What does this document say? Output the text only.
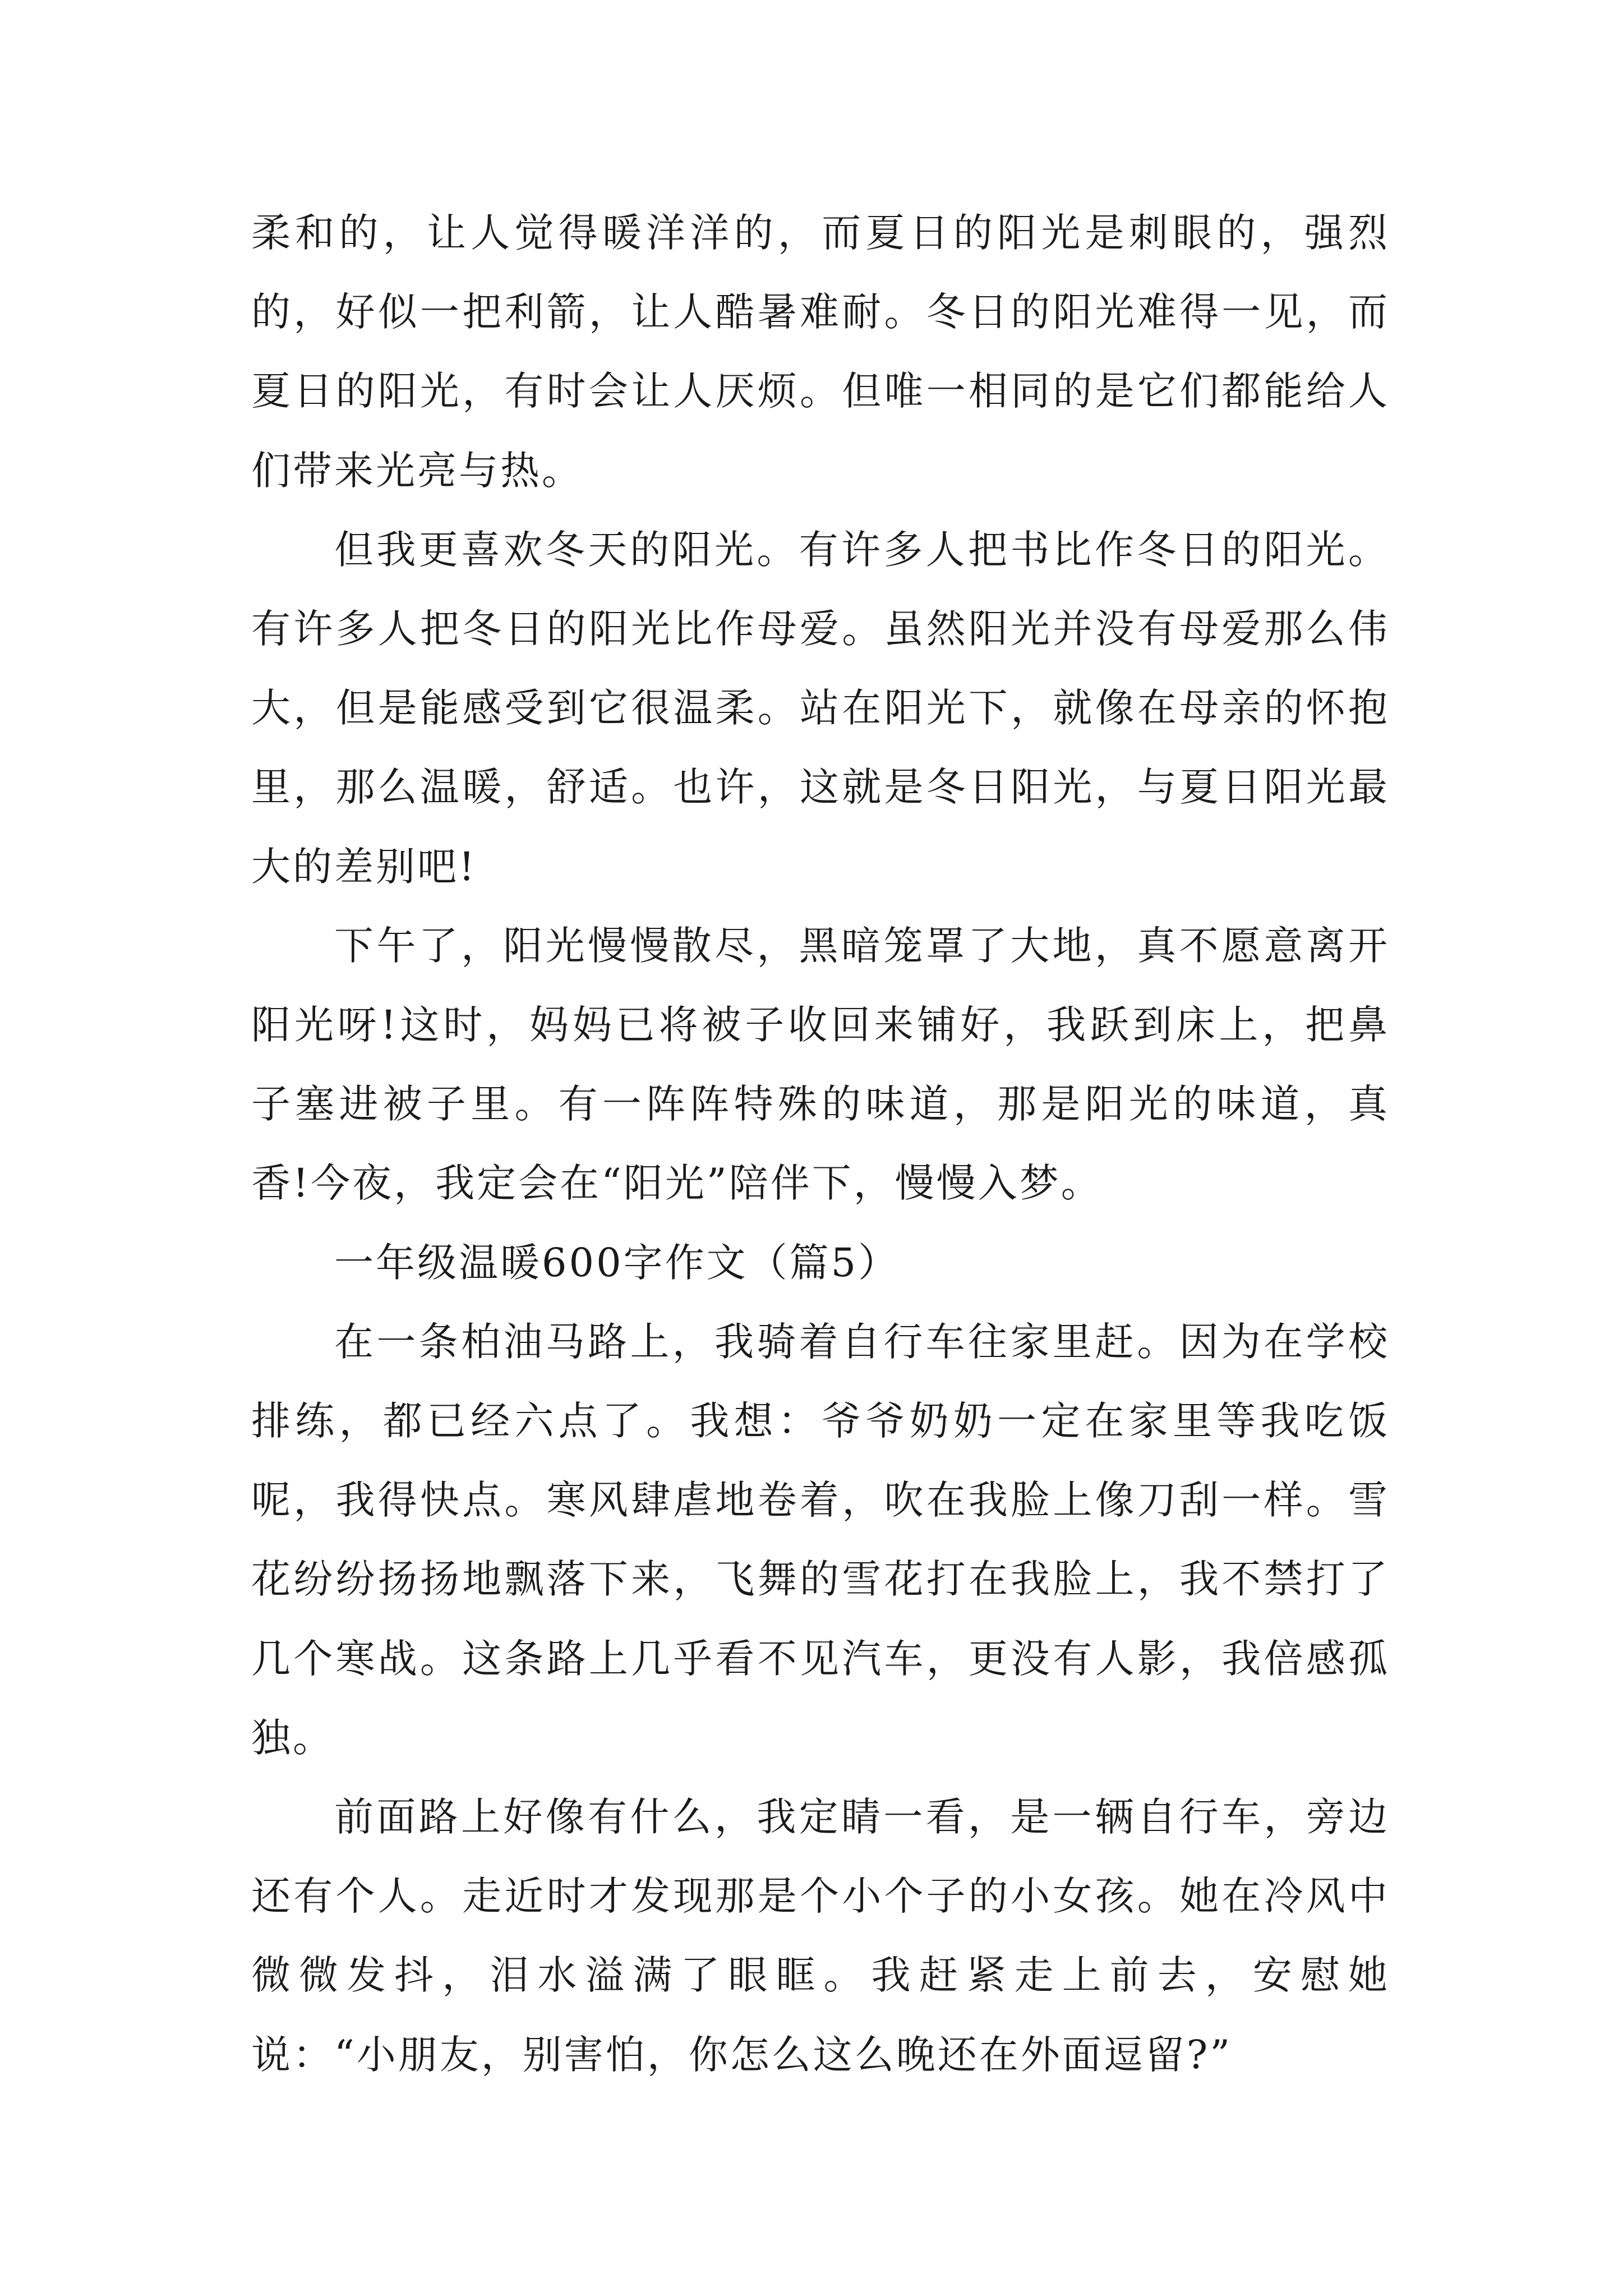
柔和的，让人觉得暖洋洋的，而夏日的阳光是刺眼的，强烈的，好似一把利箭，让人酷暑难耐。冬日的阳光难得一见，而夏日的阳光，有时会让人厌烦。但唯一相同的是它们都能给人们带来光亮与热。

但我更喜欢冬天的阳光。有许多人把书比作冬日的阳光。有许多人把冬日的阳光比作母爱。虽然阳光并没有母爱那么伟大，但是能感受到它很温柔。站在阳光下，就像在母亲的怀抱里，那么温暖，舒适。也许，这就是冬日阳光，与夏日阳光最大的差别吧!

下午了，阳光慢慢散尽，黑暗笼罩了大地，真不愿意离开阳光呀!这时，妈妈已将被子收回来铺好，我跃到床上，把鼻子塞进被子里。有一阵阵特殊的味道，那是阳光的味道，真香!今夜，我定会在“阳光”陪伴下，慢慢入梦。

一年级温暖600字作文（篇5）

在一条柏油马路上，我骑着自行车往家里赶。因为在学校排练，都已经六点了。我想：爷爷奶奶一定在家里等我吃饭呢，我得快点。寒风肆虐地卷着，吹在我脸上像刀刮一样。雪花纷纷扬扬地飘落下来，飞舞的雪花打在我脸上，我不禁打了几个寒战。这条路上几乎看不见汽车，更没有人影，我倍感孤独。

前面路上好像有什么，我定睛一看，是一辆自行车，旁边还有个人。走近时才发现那是个小个子的小女孩。她在冷风中微微发抖，泪水溢满了眼眶。我赶紧走上前去，安慰她说：“小朋友，别害怕，你怎么这么晚还在外面逗留?”
